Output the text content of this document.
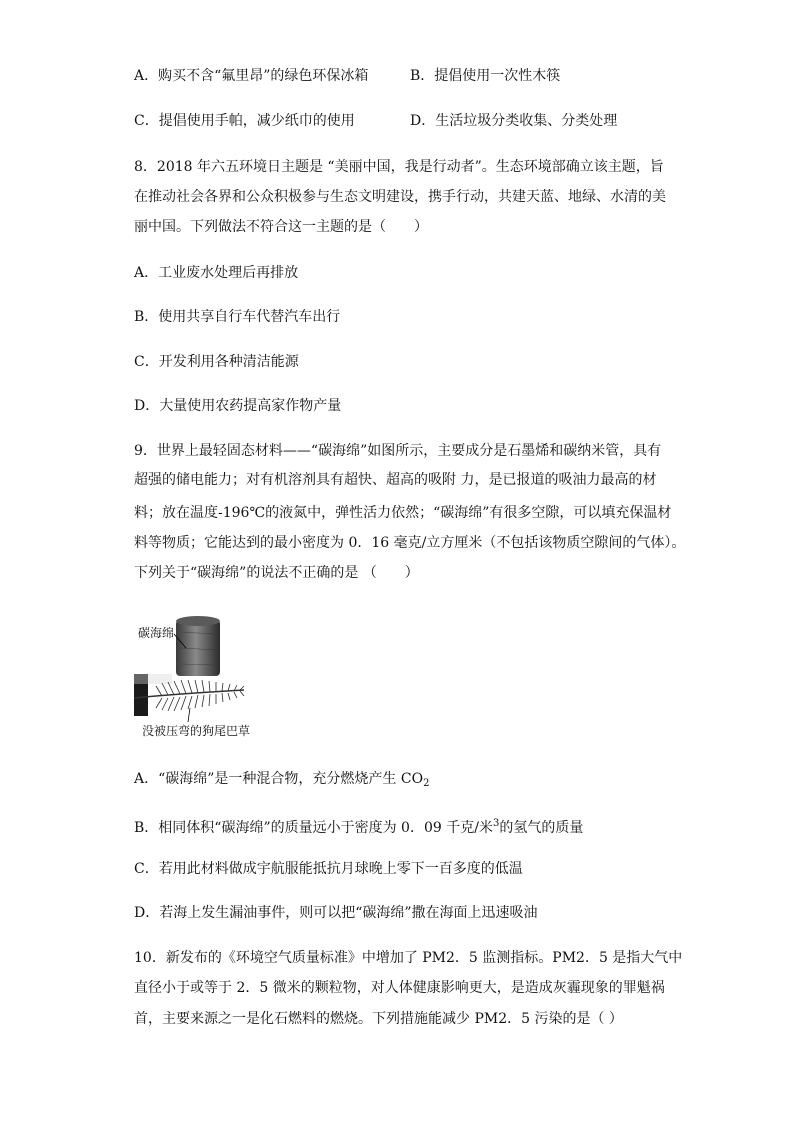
A．购买不含“氟里昂”的绿色环保冰箱	B．提倡使用一次性木筷
C．提倡使用手帕，减少纸巾的使用	D．生活垃圾分类收集、分类处理
8．2018 年六五环境日主题是 “美丽中国，我是行动者”。生态环境部确立该主题，旨
在推动社会各界和公众积极参与生态文明建设，携手行动，共建天蓝、地绿、水清的美
丽中国。下列做法不符合这一主题的是（　　）
A．工业废水处理后再排放
B．使用共享自行车代替汽车出行
C．开发利用各种清洁能源
D．大量使用农药提高家作物产量
9．世界上最轻固态材料——“碳海绵”如图所示，主要成分是石墨烯和碳纳米管，具有
超强的储电能力；对有机溶剂具有超快、超高的吸附 力，是已报道的吸油力最高的材
料；放在温度-196℃的液氮中，弹性活力依然；“碳海绵”有很多空隙，可以填充保温材
料等物质；它能达到的最小密度为 0．16 毫克/立方厘米（不包括该物质空隙间的气体）。
下列关于“碳海绵”的说法不正确的是 （　　）
碳海绵
没被压弯的狗尾巴草
A．“碳海绵”是一种混合物，充分燃烧产生 $CO_2$
B．相同体积“碳海绵”的质量远小于密度为 0．09 千克/米$^3$的氢气的质量
C．若用此材料做成宇航服能抵抗月球晚上零下一百多度的低温
D．若海上发生漏油事件，则可以把“碳海绵”撒在海面上迅速吸油
10．新发布的《环境空气质量标准》中增加了 PM2．5 监测指标。PM2．5 是指大气中
直径小于或等于 2．5 微米的颗粒物，对人体健康影响更大，是造成灰霾现象的罪魁祸
首，主要来源之一是化石燃料的燃烧。下列措施能减少 PM2．5 污染的是（ ）
